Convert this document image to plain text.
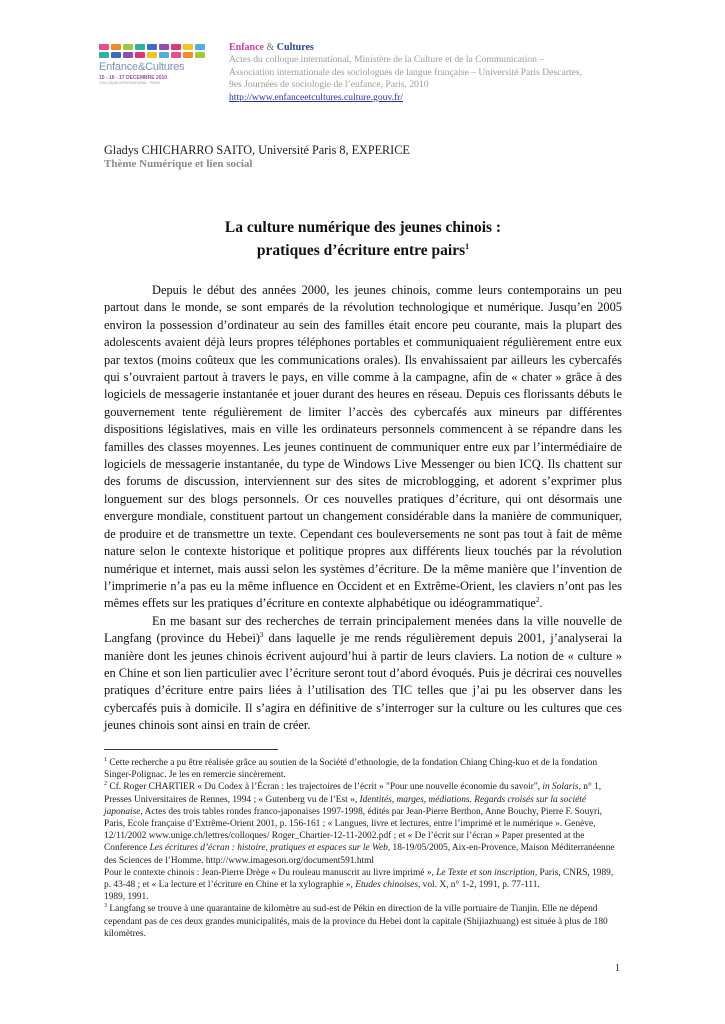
Enfance&Cultures
15 - 16 - 17 DECEMBRE 2010
COLLOQUE INTERNATIONAL · PARIS
Enfance & Cultures
Actes du colloque international, Ministère de la Culture et de la Communication –
Association internationale des sociologues de langue française – Université Paris Descartes,
9es Journées de sociologie de l’enfance, Paris, 2010
http://www.enfanceetcultures.culture.gouv.fr/
Gladys CHICHARRO SAITO, Université Paris 8, EXPERICE
Thème Numérique et lien social
La culture numérique des jeunes chinois :
pratiques d’écriture entre pairs$^1$

Depuis le début des années 2000, les jeunes chinois, comme leurs contemporains un peu partout dans le monde, se sont emparés de la révolution technologique et numérique. Jusqu’en 2005 environ la possession d’ordinateur au sein des familles était encore peu courante, mais la plupart des adolescents avaient déjà leurs propres téléphones portables et communiquaient régulièrement entre eux par textos (moins coûteux que les communications orales). Ils envahissaient par ailleurs les cybercafés qui s’ouvraient partout à travers le pays, en ville comme à la campagne, afin de « chater » grâce à des logiciels de messagerie instantanée et jouer durant des heures en réseau. Depuis ces florissants débuts le gouvernement tente régulièrement de limiter l’accès des cybercafés aux mineurs par différentes dispositions législatives, mais en ville les ordinateurs personnels commencent à se répandre dans les familles des classes moyennes. Les jeunes continuent de communiquer entre eux par l’intermédiaire de logiciels de messagerie instantanée, du type de Windows Live Messenger ou bien ICQ. Ils chattent sur des forums de discussion, interviennent sur des sites de microblogging, et adorent s’exprimer plus longuement sur des blogs personnels. Or ces nouvelles pratiques d’écriture, qui ont désormais une envergure mondiale, constituent partout un changement considérable dans la manière de communiquer, de produire et de transmettre un texte. Cependant ces bouleversements ne sont pas tout à fait de même nature selon le contexte historique et politique propres aux différents lieux touchés par la révolution numérique et internet, mais aussi selon les systèmes d’écriture. De la même manière que l’invention de l’imprimerie n’a pas eu la même influence en Occident et en Extrême-Orient, les claviers n’ont pas les mêmes effets sur les pratiques d’écriture en contexte alphabétique ou idéogrammatique$^2$.

En me basant sur des recherches de terrain principalement menées dans la ville nouvelle de Langfang (province du Hebei)$^3$ dans laquelle je me rends régulièrement depuis 2001, j’analyserai la manière dont les jeunes chinois écrivent aujourd’hui à partir de leurs claviers. La notion de « culture » en Chine et son lien particulier avec l’écriture seront tout d’abord évoqués. Puis je décrirai ces nouvelles pratiques d’écriture entre pairs liées à l’utilisation des TIC telles que j’ai pu les observer dans les cybercafés puis à domicile. Il s’agira en définitive de s’interroger sur la culture ou les cultures que ces jeunes chinois sont ainsi en train de créer.

$^1$ Cette recherche a pu être réalisée grâce au soutien de la Société d’ethnologie, de la fondation Chiang Ching-kuo et de la fondation Singer-Polignac. Je les en remercie sincèrement.

$^2$ Cf. Roger CHARTIER « Du Codex à l’Écran : les trajectoires de l’écrit » "Pour une nouvelle économie du savoir", in Solaris, n° 1, Presses Universitaires de Rennes, 1994 ; « Gutenberg vu de l’Est », Identités, marges, médiations. Regards croisés sur la société japonaise, Actes des trois tables rondes franco-japonaises 1997-1998, édités par Jean-Pierre Berthon, Anne Bouchy, Pierre F. Souyri, Paris, Ecole française d’Extrême-Orient 2001, p. 156-161 ; « Langues, livre et lectures, entre l’imprimé et le numérique ». Genève, 12/11/2002 www.unige.ch/lettres/colloques/ Roger_Chartier-12-11-2002.pdf ; et « De l’écrit sur l’écran » Paper presented at the Conference Les écritures d’écran : histoire, pratiques et espaces sur le Web, 18-19/05/2005, Aix-en-Provence, Maison Méditerranéenne des Sciences de l’Homme. http://www.imageson.org/document591.html

Pour le contexte chinois : Jean-Pierre Drège « Du rouleau manuscrit au livre imprimé », Le Texte et son inscription, Paris, CNRS, 1989, p. 43-48 ; et « La lecture et l’écriture en Chine et la xylographie », Etudes chinoises, vol. X, n° 1-2, 1991, p. 77-111.

1989, 1991.

$^3$ Langfang se trouve à une quarantaine de kilomètre au sud-est de Pékin en direction de la ville portuaire de Tianjin. Elle ne dépend cependant pas de ces deux grandes municipalités, mais de la province du Hebei dont la capitale (Shijiazhuang) est située à plus de 180 kilomètres.

1
